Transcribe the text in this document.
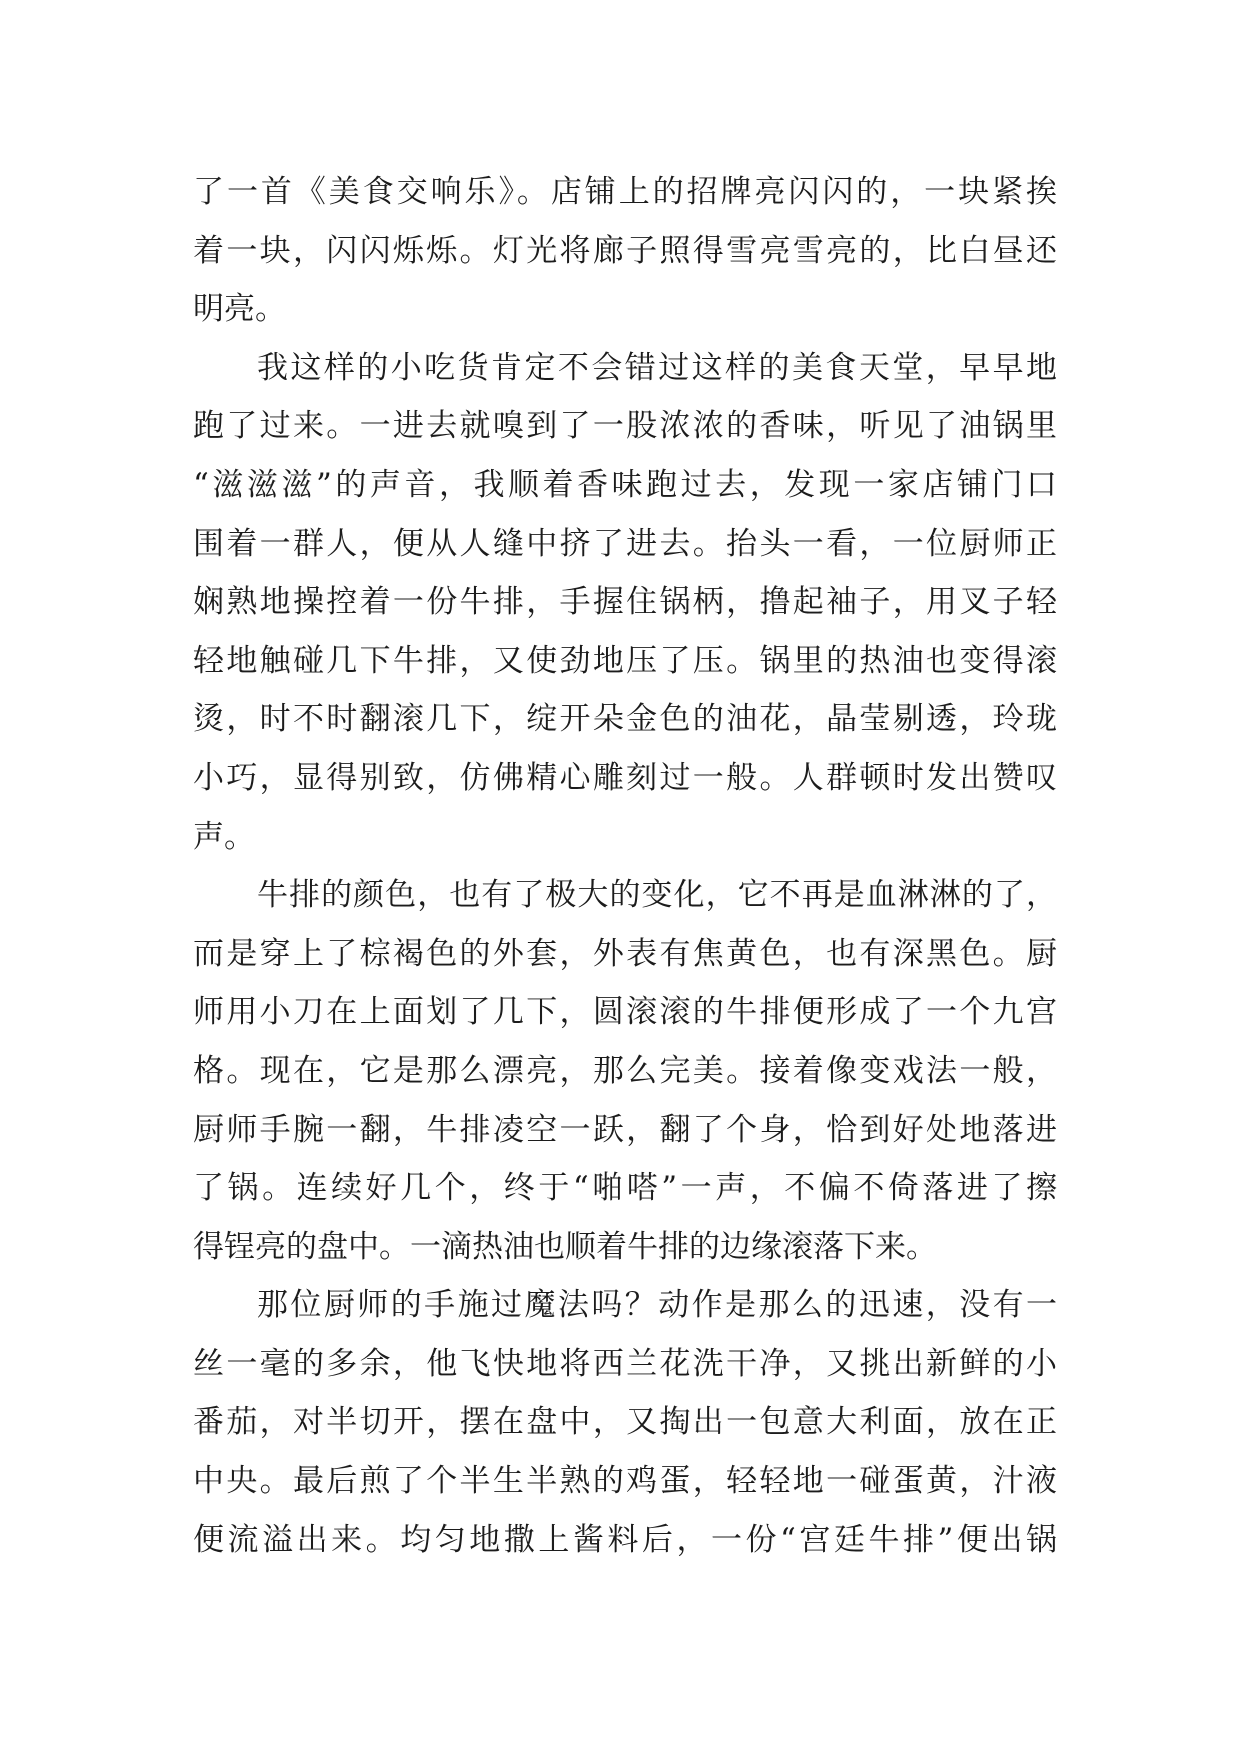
了一首《美食交响乐》。店铺上的招牌亮闪闪的，一块紧挨
着一块，闪闪烁烁。灯光将廊子照得雪亮雪亮的，比白昼还
明亮。
我这样的小吃货肯定不会错过这样的美食天堂，早早地
跑了过来。一进去就嗅到了一股浓浓的香味，听见了油锅里
“滋滋滋”的声音，我顺着香味跑过去，发现一家店铺门口
围着一群人，便从人缝中挤了进去。抬头一看，一位厨师正
娴熟地操控着一份牛排，手握住锅柄，撸起袖子，用叉子轻
轻地触碰几下牛排，又使劲地压了压。锅里的热油也变得滚
烫，时不时翻滚几下，绽开朵金色的油花，晶莹剔透，玲珑
小巧，显得别致，仿佛精心雕刻过一般。人群顿时发出赞叹
声。
牛排的颜色，也有了极大的变化，它不再是血淋淋的了，
而是穿上了棕褐色的外套，外表有焦黄色，也有深黑色。厨
师用小刀在上面划了几下，圆滚滚的牛排便形成了一个九宫
格。现在，它是那么漂亮，那么完美。接着像变戏法一般，
厨师手腕一翻，牛排凌空一跃，翻了个身，恰到好处地落进
了锅。连续好几个，终于“啪嗒”一声，不偏不倚落进了擦
得锃亮的盘中。一滴热油也顺着牛排的边缘滚落下来。
那位厨师的手施过魔法吗？动作是那么的迅速，没有一
丝一毫的多余，他飞快地将西兰花洗干净，又挑出新鲜的小
番茄，对半切开，摆在盘中，又掏出一包意大利面，放在正
中央。最后煎了个半生半熟的鸡蛋，轻轻地一碰蛋黄，汁液
便流溢出来。均匀地撒上酱料后，一份“宫廷牛排”便出锅
